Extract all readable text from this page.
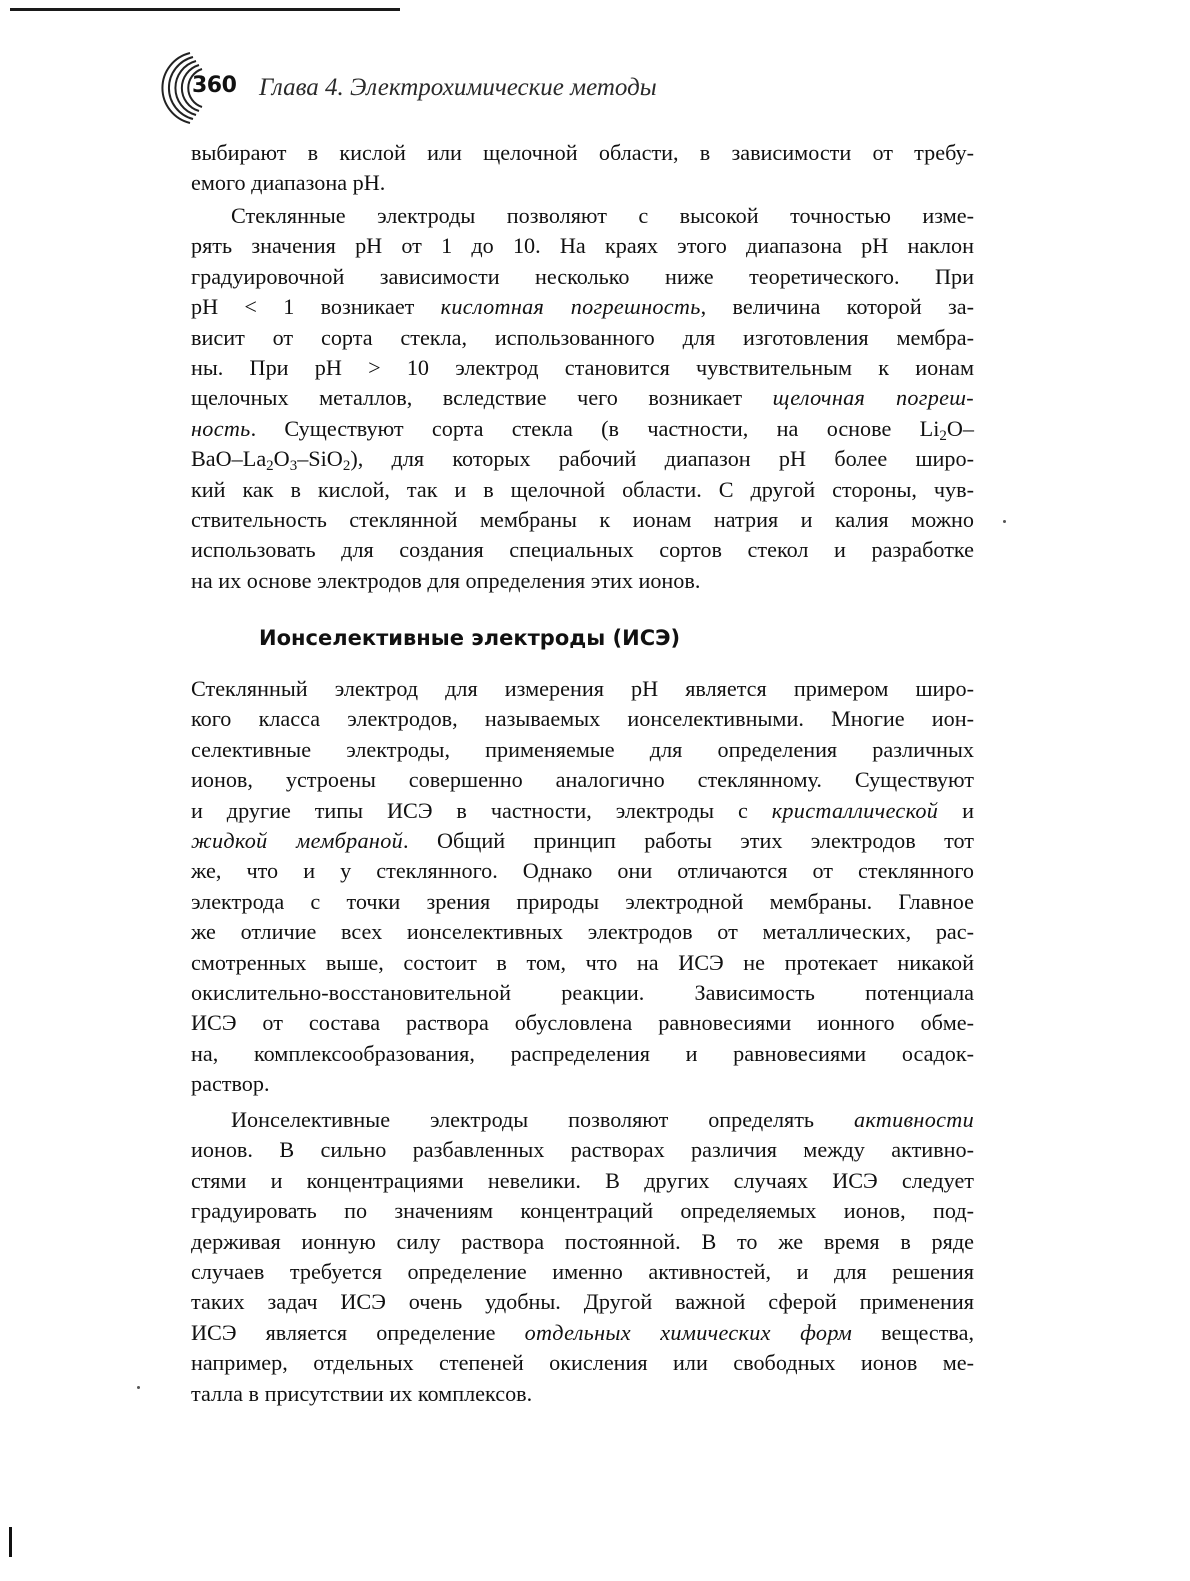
360 Глава 4. Электрохимические методы

выбирают в кислой или щелочной области, в зависимости от требу-
емого диапазона pH.

Стеклянные электроды позволяют с высокой точностью изме-
рять значения pH от 1 до 10. На краях этого диапазона pH наклон
градуировочной зависимости несколько ниже теоретического. При
pH < 1 возникает кислотная погрешность, величина которой за-
висит от сорта стекла, использованного для изготовления мембра-
ны. При pH > 10 электрод становится чувствительным к ионам
щелочных металлов, вследствие чего возникает щелочная погреш-
ность. Существуют сорта стекла (в частности, на основе $Li_2O-$
BaO–$La_2O_3-SiO_2$), для которых рабочий диапазон pH более широ-
кий как в кислой, так и в щелочной области. С другой стороны, чув-
ствительность стеклянной мембраны к ионам натрия и калия можно
использовать для создания специальных сортов стекол и разработке
на их основе электродов для определения этих ионов.

Ионселективные электроды (ИСЭ)

Стеклянный электрод для измерения pH является примером широ-
кого класса электродов, называемых ионселективными. Многие ион-
селективные электроды, применяемые для определения различных
ионов, устроены совершенно аналогично стеклянному. Существуют
и другие типы ИСЭ в частности, электроды с кристаллической и
жидкой мембраной. Общий принцип работы этих электродов тот
же, что и у стеклянного. Однако они отличаются от стеклянного
электрода с точки зрения природы электродной мембраны. Главное
же отличие всех ионселективных электродов от металлических, рас-
смотренных выше, состоит в том, что на ИСЭ не протекает никакой
окислительно-восстановительной реакции. Зависимость потенциала
ИСЭ от состава раствора обусловлена равновесиями ионного обме-
на, комплексообразования, распределения и равновесиями осадок-
раствор.

Ионселективные электроды позволяют определять активности
ионов. В сильно разбавленных растворах различия между активно-
стями и концентрациями невелики. В других случаях ИСЭ следует
градуировать по значениям концентраций определяемых ионов, под-
держивая ионную силу раствора постоянной. В то же время в ряде
случаев требуется определение именно активностей, и для решения
таких задач ИСЭ очень удобны. Другой важной сферой применения
ИСЭ является определение отдельных химических форм вещества,
например, отдельных степеней окисления или свободных ионов ме-
талла в присутствии их комплексов.
